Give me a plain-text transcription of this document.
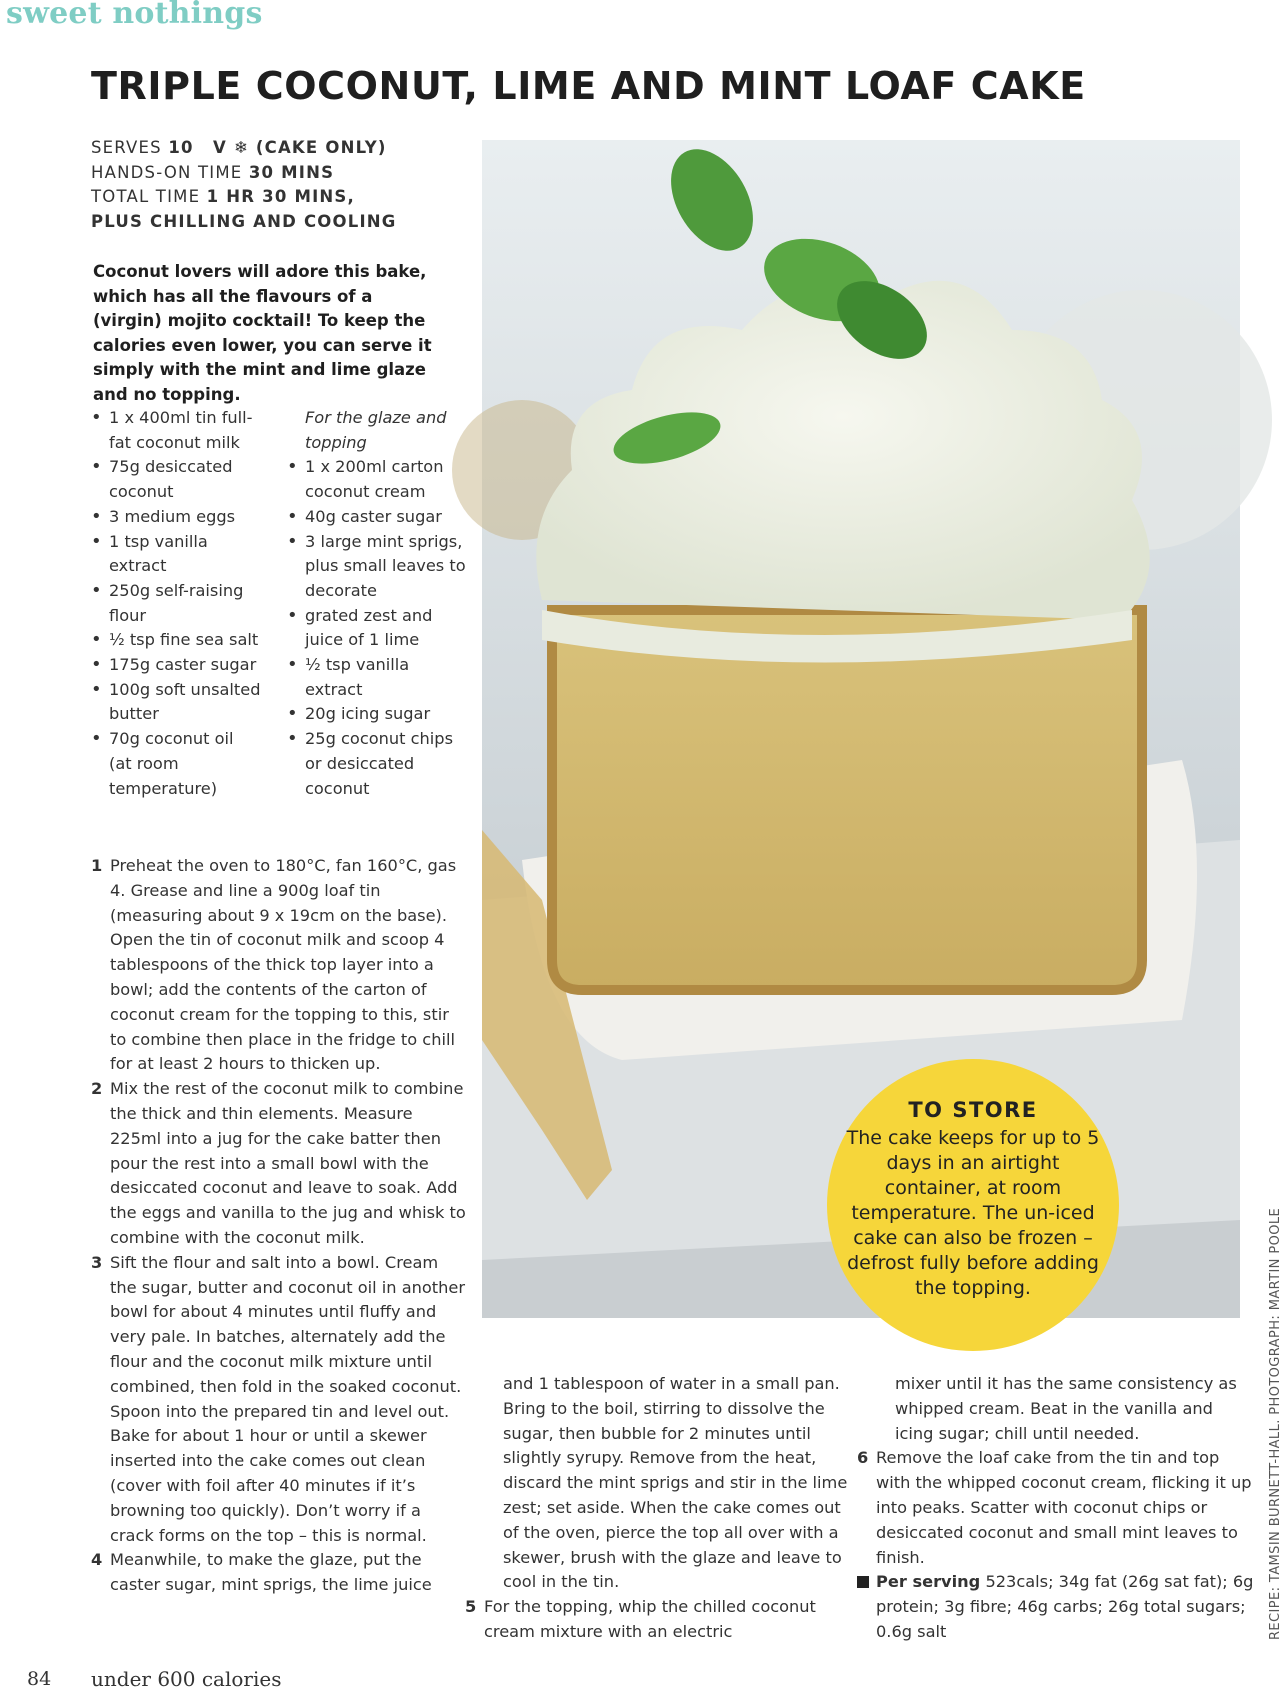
sweet nothings
TRIPLE COCONUT, LIME AND MINT LOAF CAKE
SERVES 10 V ❄ (CAKE ONLY)
HANDS-ON TIME 30 MINS
TOTAL TIME 1 HR 30 MINS,
PLUS CHILLING AND COOLING

Coconut lovers will adore this bake, which has all the flavours of a (virgin) mojito cocktail! To keep the calories even lower, you can serve it simply with the mint and lime glaze and no topping.

• 1 x 400ml tin full-fat coconut milk
• 75g desiccated coconut
• 3 medium eggs
• 1 tsp vanilla extract
• 250g self-raising flour
• ½ tsp fine sea salt
• 175g caster sugar
• 100g soft unsalted butter
• 70g coconut oil (at room temperature)
For the glaze and topping
• 1 x 200ml carton coconut cream
• 40g caster sugar
• 3 large mint sprigs, plus small leaves to decorate
• grated zest and juice of 1 lime
• ½ tsp vanilla extract
• 20g icing sugar
• 25g coconut chips or desiccated coconut
1 Preheat the oven to 180°C, fan 160°C, gas 4. Grease and line a 900g loaf tin (measuring about 9 x 19cm on the base). Open the tin of coconut milk and scoop 4 tablespoons of the thick top layer into a bowl; add the contents of the carton of coconut cream for the topping to this, stir to combine then place in the fridge to chill for at least 2 hours to thicken up.
2 Mix the rest of the coconut milk to combine the thick and thin elements. Measure 225ml into a jug for the cake batter then pour the rest into a small bowl with the desiccated coconut and leave to soak. Add the eggs and vanilla to the jug and whisk to combine with the coconut milk.
3 Sift the flour and salt into a bowl. Cream the sugar, butter and coconut oil in another bowl for about 4 minutes until fluffy and very pale. In batches, alternately add the flour and the coconut milk mixture until combined, then fold in the soaked coconut. Spoon into the prepared tin and level out. Bake for about 1 hour or until a skewer inserted into the cake comes out clean (cover with foil after 40 minutes if it’s browning too quickly). Don’t worry if a crack forms on the top – this is normal.
4 Meanwhile, to make the glaze, put the caster sugar, mint sprigs, the lime juice
and 1 tablespoon of water in a small pan. Bring to the boil, stirring to dissolve the sugar, then bubble for 2 minutes until slightly syrupy. Remove from the heat, discard the mint sprigs and stir in the lime zest; set aside. When the cake comes out of the oven, pierce the top all over with a skewer, brush with the glaze and leave to cool in the tin.
5 For the topping, whip the chilled coconut cream mixture with an electric
mixer until it has the same consistency as whipped cream. Beat in the vanilla and icing sugar; chill until needed.
6 Remove the loaf cake from the tin and top with the whipped coconut cream, flicking it up into peaks. Scatter with coconut chips or desiccated coconut and small mint leaves to finish.
Per serving 523cals; 34g fat (26g sat fat); 6g protein; 3g fibre; 46g carbs; 26g total sugars; 0.6g salt
TO STORE
The cake keeps for up to 5 days in an airtight container, at room temperature. The un-iced cake can also be frozen – defrost fully before adding the topping.	RECIPE: TAMSIN BURNETT-HALL. PHOTOGRAPH: MARTIN POOLE
84 under 600 calories
